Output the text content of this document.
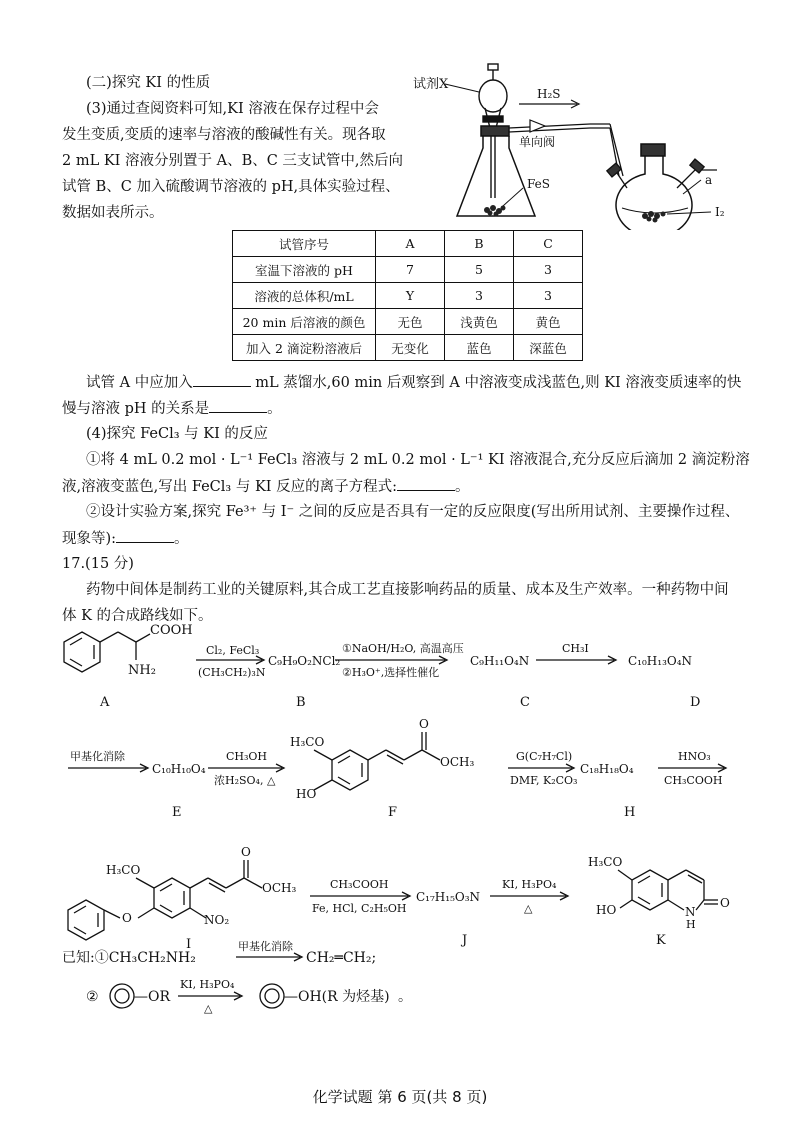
(二)探究 KI 的性质
(3)通过查阅资料可知,KI 溶液在保存过程中会
发生变质,变质的速率与溶液的酸碱性有关。现各取
2 mL KI 溶液分别置于 A、B、C 三支试管中,然后向
试管 B、C 加入硫酸调节溶液的 pH,具体实验过程、
数据如表所示。
试剂X
H₂S
单向阀
FeS	a
I₂
试管序号	A	B	C
室温下溶液的 pH	7	5	3
溶液的总体积/mL	Y	3	3
20 min 后溶液的颜色	无色	浅黄色	黄色
加入 2 滴淀粉溶液后	无变化	蓝色	深蓝色
试管 A 中应加入	mL 蒸馏水,60 min 后观察到 A 中溶液变成浅蓝色,则 KI 溶液变质速率的快
慢与溶液 pH 的关系是	。
(4)探究 FeCl₃ 与 KI 的反应
①将 4 mL 0.2 mol · L⁻¹ FeCl₃ 溶液与 2 mL 0.2 mol · L⁻¹ KI 溶液混合,充分反应后滴加 2 滴淀粉溶
液,溶液变蓝色,写出 FeCl₃ 与 KI 反应的离子方程式:	。
②设计实验方案,探究 Fe³⁺ 与 I⁻ 之间的反应是否具有一定的反应限度(写出所用试剂、主要操作过程、
现象等):	。
17.(15 分)
药物中间体是制药工业的关键原料,其合成工艺直接影响药品的质量、成本及生产效率。一种药物中间
体 K 的合成路线如下。
COOH
NH₂
A
Cl₂, FeCl₃
(CH₃CH₂)₃N
C₉H₉O₂NCl₂
B
①NaOH/H₂O, 高温高压
②H₃O⁺,选择性催化
C₉H₁₁O₄N
C
CH₃I
C₁₀H₁₃O₄N
D
甲基化消除
C₁₀H₁₀O₄
E
CH₃OH
浓H₂SO₄, △
H₃CO
HO
O
OCH₃
F
G(C₇H₇Cl)
DMF, K₂CO₃
C₁₈H₁₈O₄
H
HNO₃
CH₃COOH
H₃CO
O	NO₂
O
OCH₃
I
CH₃COOH
Fe, HCl, C₂H₅OH
C₁₇H₁₅O₃N
J
KI, H₃PO₄
△
H₃CO
HO	N
H
O
K
已知:①CH₃CH₂NH₂
甲基化消除
CH₂═CH₂;
②	—OR
KI, H₃PO₄
△
—OH(R 为烃基) 。
化学试题 第 6 页(共 8 页)
